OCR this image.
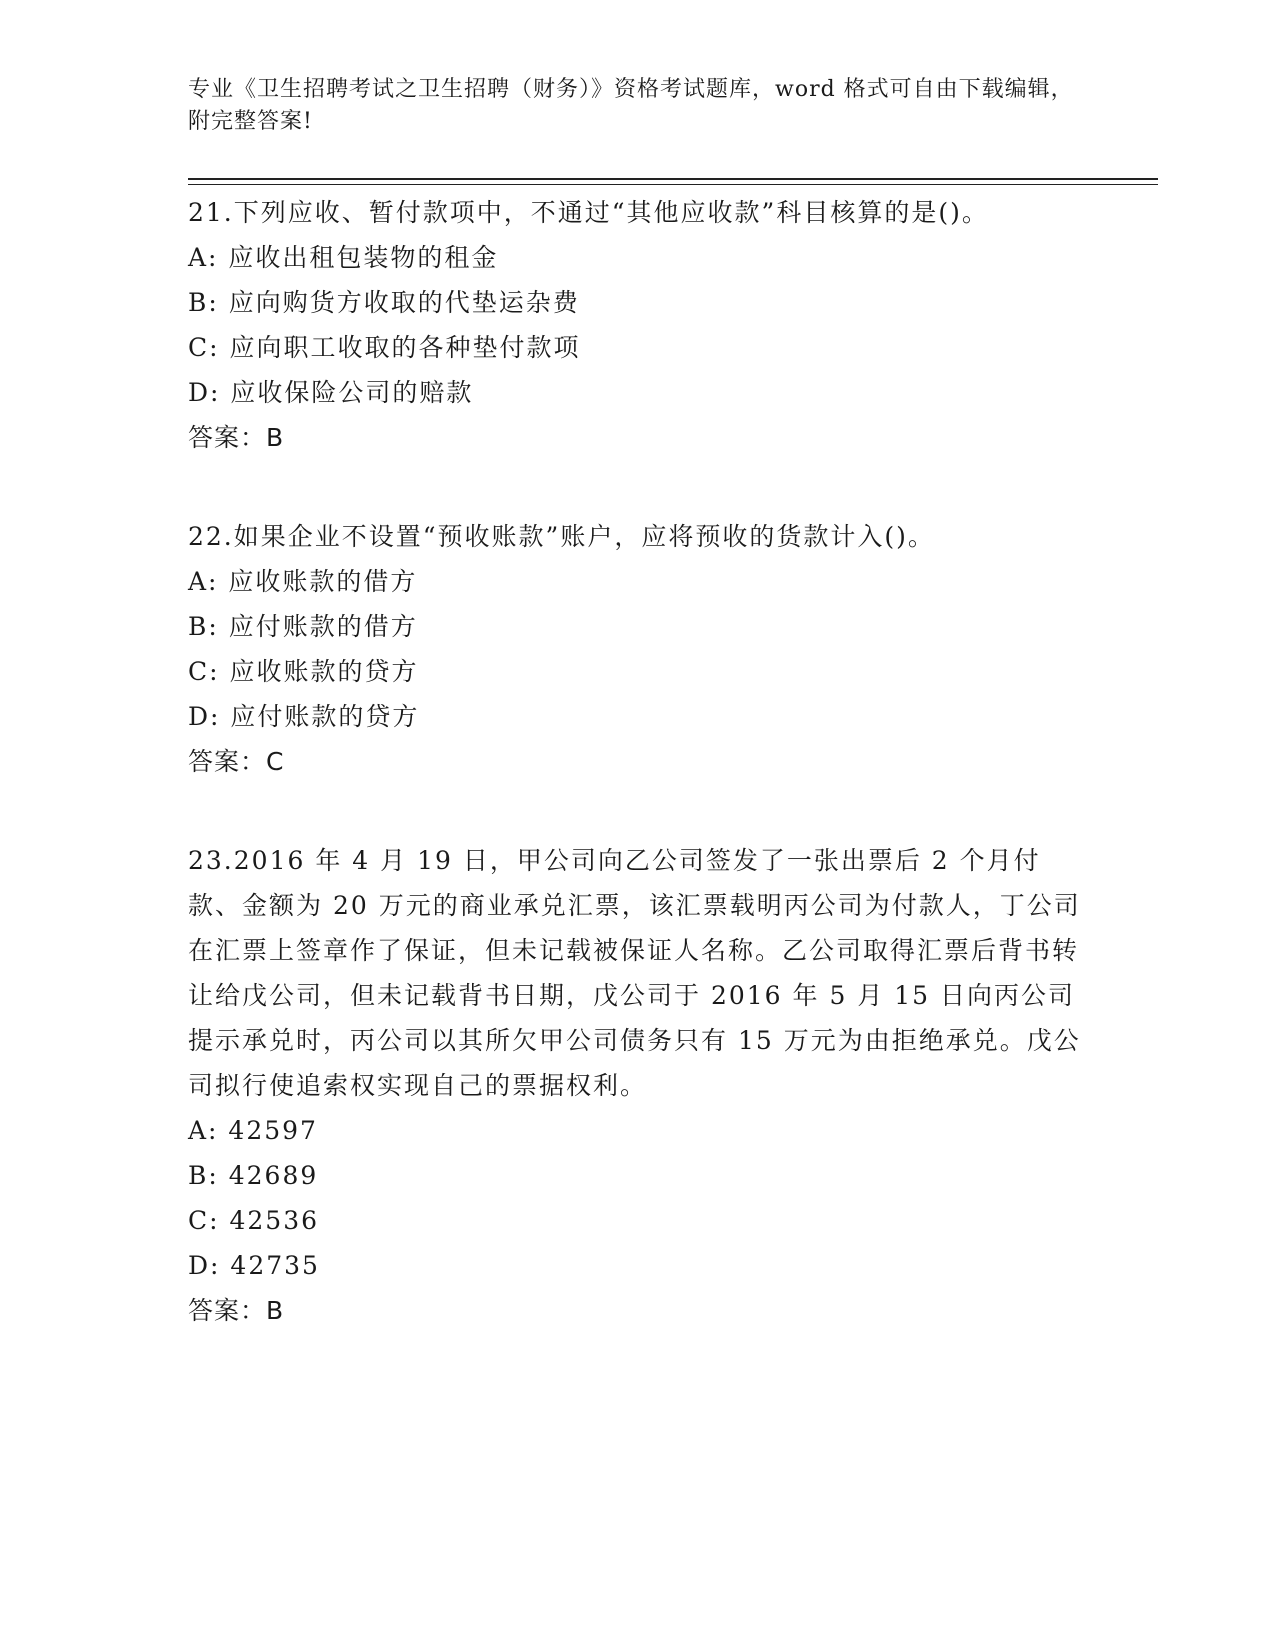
专业《卫生招聘考试之卫生招聘（财务）》资格考试题库，word 格式可自由下载编辑，附完整答案!

21.下列应收、暂付款项中，不通过“其他应收款”科目核算的是()。

A: 应收出租包装物的租金

B: 应向购货方收取的代垫运杂费

C: 应向职工收取的各种垫付款项

D: 应收保险公司的赔款

答案：B

22.如果企业不设置“预收账款”账户，应将预收的货款计入()。

A: 应收账款的借方

B: 应付账款的借方

C: 应收账款的贷方

D: 应付账款的贷方

答案：C

23.2016 年 4 月 19 日，甲公司向乙公司签发了一张出票后 2 个月付款、金额为 20 万元的商业承兑汇票，该汇票载明丙公司为付款人，丁公司在汇票上签章作了保证，但未记载被保证人名称。乙公司取得汇票后背书转让给戊公司，但未记载背书日期，戊公司于 2016 年 5 月 15 日向丙公司提示承兑时，丙公司以其所欠甲公司债务只有 15 万元为由拒绝承兑。戊公司拟行使追索权实现自己的票据权利。

A: 42597

B: 42689

C: 42536

D: 42735

答案：B
